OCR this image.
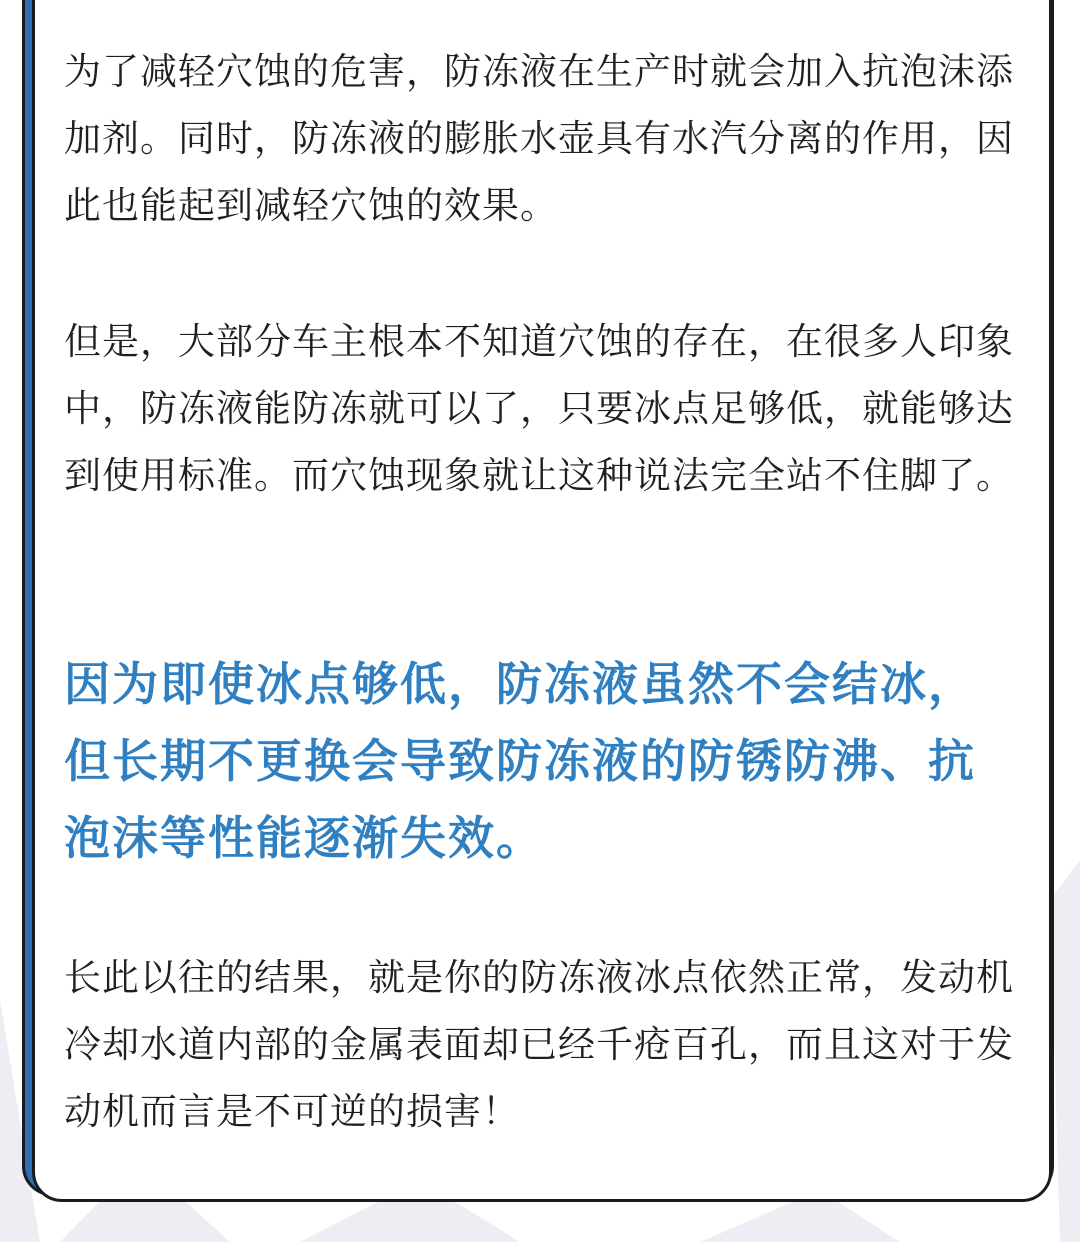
为了减轻穴蚀的危害，防冻液在生产时就会加入抗泡沫添加剂。同时，防冻液的膨胀水壶具有水汽分离的作用，因此也能起到减轻穴蚀的效果。

但是，大部分车主根本不知道穴蚀的存在，在很多人印象中，防冻液能防冻就可以了，只要冰点足够低，就能够达到使用标准。而穴蚀现象就让这种说法完全站不住脚了。

因为即使冰点够低，防冻液虽然不会结冰，但长期不更换会导致防冻液的防锈防沸、抗泡沫等性能逐渐失效。

长此以往的结果，就是你的防冻液冰点依然正常，发动机冷却水道内部的金属表面却已经千疮百孔，而且这对于发动机而言是不可逆的损害！
